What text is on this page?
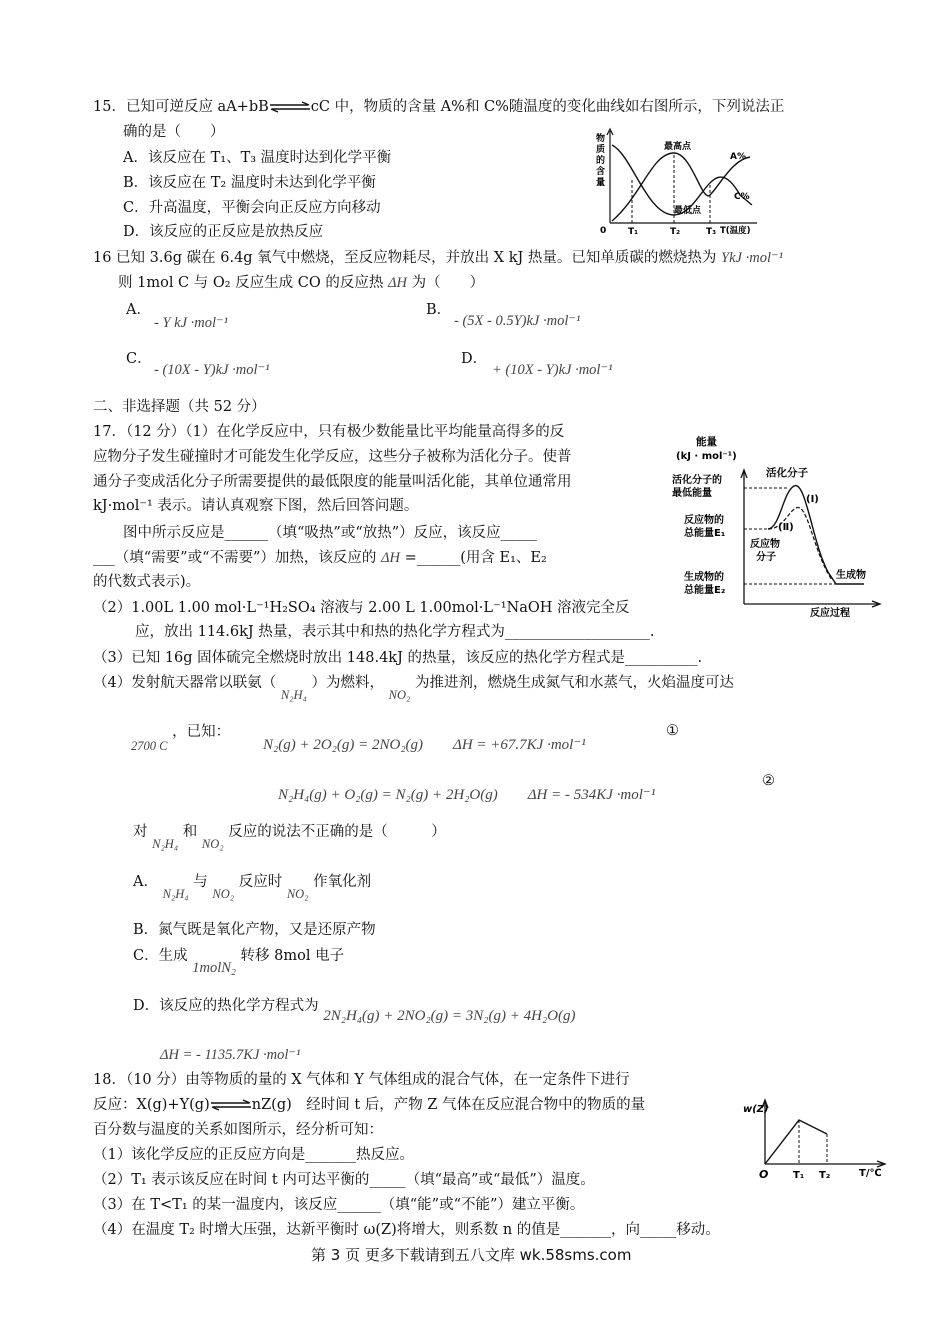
15．已知可逆反应 aA+bB⇌cC 中，物质的含量 A%和 C%随温度的变化曲线如右图所示，下列说法正
确的是（　　）
A．该反应在 T₁、T₃ 温度时达到化学平衡
B．该反应在 T₂ 温度时未达到化学平衡
C．升高温度，平衡会向正反应方向移动
D．该反应的正反应是放热反应
物
质
的
含
量
0 T₁	T₂	T₃ T(温度)
最高点
最低点
A%
C%
16 已知 3.6g 碳在 6.4g 氧气中燃烧，至反应物耗尽，并放出 X kJ 热量。已知单质碳的燃烧热为 YkJ ·mol⁻¹
则 1mol C 与 O₂ 反应生成 CO 的反应热 ΔH 为（　　）
A．
- Y kJ ·mol⁻¹
B．
- (5X - 0.5Y)kJ ·mol⁻¹
C．
- (10X - Y)kJ ·mol⁻¹
D．
+ (10X - Y)kJ ·mol⁻¹
二、非选择题（共 52 分）
17．（12 分）（1）在化学反应中，只有极少数能量比平均能量高得多的反
应物分子发生碰撞时才可能发生化学反应，这些分子被称为活化分子。使普
通分子变成活化分子所需要提供的最低限度的能量叫活化能，其单位通常用
kJ·mol⁻¹ 表示。请认真观察下图，然后回答问题。
图中所示反应是______（填“吸热”或“放热”）反应，该反应_____
___（填“需要”或“不需要”）加热，该反应的 ΔH =______(用含 E₁、E₂
的代数式表示)。
能量
(kJ · mol⁻¹)
活化分子的
最低能量
活化分子
(Ⅰ)
(Ⅱ)
反应物的
总能量E₁
反应物
分子
生成物的
总能量E₂
生成物
反应过程
（2）1.00L 1.00 mol·L⁻¹H₂SO₄ 溶液与 2.00 L 1.00mol·L⁻¹NaOH 溶液完全反
应，放出 114.6kJ 热量，表示其中和热的热化学方程式为____________________.
（3）已知 16g 固体硫完全燃烧时放出 148.4kJ 的热量，该反应的热化学方程式是__________.
（4）发射航天器常以联氨（ N₂H₄ ）为燃料， NO₂ 为推进剂，燃烧生成氮气和水蒸气，火焰温度可达
2700 C ，已知：
N₂(g) + 2O₂(g) = 2NO₂(g)　　ΔH = +67.7KJ ·mol⁻¹
①
N₂H₄(g) + O₂(g) = N₂(g) + 2H₂O(g)　　ΔH = - 534KJ ·mol⁻¹
②
对 N₂H₄ 和 NO₂ 反应的说法不正确的是（　　　）
A． N₂H₄ 与 NO₂ 反应时 NO₂ 作氧化剂
B．氮气既是氧化产物，又是还原产物
C．生成 1molN₂ 转移 8mol 电子
D．该反应的热化学方程式为 2N₂H₄(g) + 2NO₂(g) = 3N₂(g) + 4H₂O(g)
ΔH = - 1135.7KJ ·mol⁻¹
18．（10 分）由等物质的量的 X 气体和 Y 气体组成的混合气体，在一定条件下进行
反应：X(g)+Y(g)⇌nZ(g)　经时间 t 后，产物 Z 气体在反应混合物中的物质的量
百分数与温度的关系如图所示，经分析可知：
（1）该化学反应的正反应方向是_______热反应。
（2）T₁ 表示该反应在时间 t 内可达平衡的_____（填“最高”或“最低”）温度。
（3）在 T<T₁ 的某一温度内，该反应______（填“能”或“不能”）建立平衡。
（4）在温度 T₂ 时增大压强，达新平衡时 ω(Z)将增大，则系数 n 的值是_______，向_____移动。
w(Z)
O T₁ T₂	T/℃
第 3 页 更多下载请到五八文库 wk.58sms.com
